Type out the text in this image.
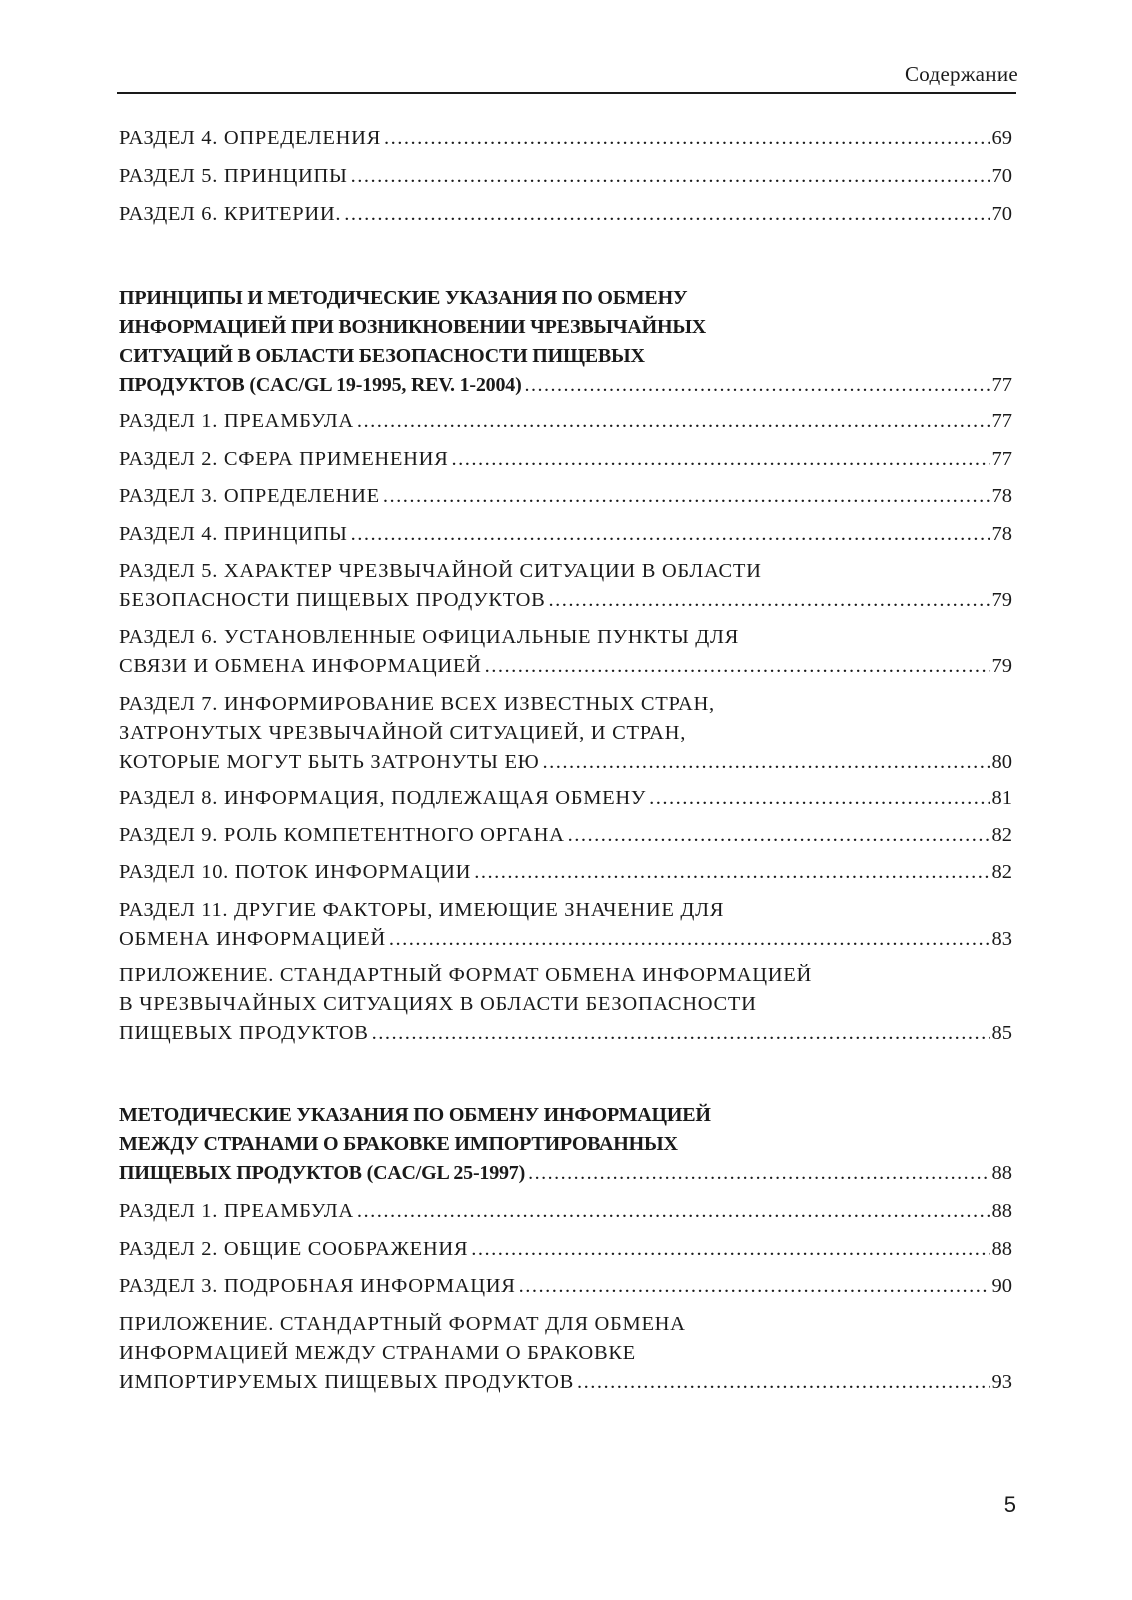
Содержание
РАЗДЕЛ 4. ОПРЕДЕЛЕНИЯ .....	69
РАЗДЕЛ 5. ПРИНЦИПЫ .....	70
РАЗДЕЛ 6. КРИТЕРИИ. .....	70
ПРИНЦИПЫ И МЕТОДИЧЕСКИЕ УКАЗАНИЯ ПО ОБМЕНУ
ИНФОРМАЦИЕЙ ПРИ ВОЗНИКНОВЕНИИ ЧРЕЗВЫЧАЙНЫХ
СИТУАЦИЙ В ОБЛАСТИ БЕЗОПАСНОСТИ ПИЩЕВЫХ
ПРОДУКТОВ (CAC/GL 19-1995, REV. 1-2004) .....	77
РАЗДЕЛ 1. ПРЕАМБУЛА .....	77
РАЗДЕЛ 2. СФЕРА ПРИМЕНЕНИЯ .....	77
РАЗДЕЛ 3. ОПРЕДЕЛЕНИЕ .....	78
РАЗДЕЛ 4. ПРИНЦИПЫ .....	78
РАЗДЕЛ 5. ХАРАКТЕР ЧРЕЗВЫЧАЙНОЙ СИТУАЦИИ В ОБЛАСТИ
БЕЗОПАСНОСТИ ПИЩЕВЫХ ПРОДУКТОВ .....	79
РАЗДЕЛ 6. УСТАНОВЛЕННЫЕ ОФИЦИАЛЬНЫЕ ПУНКТЫ ДЛЯ
СВЯЗИ И ОБМЕНА ИНФОРМАЦИЕЙ .....	79
РАЗДЕЛ 7. ИНФОРМИРОВАНИЕ ВСЕХ ИЗВЕСТНЫХ СТРАН,
ЗАТРОНУТЫХ ЧРЕЗВЫЧАЙНОЙ СИТУАЦИЕЙ, И СТРАН,
КОТОРЫЕ МОГУТ БЫТЬ ЗАТРОНУТЫ ЕЮ .....	80
РАЗДЕЛ 8. ИНФОРМАЦИЯ, ПОДЛЕЖАЩАЯ ОБМЕНУ .....	81
РАЗДЕЛ 9. РОЛЬ КОМПЕТЕНТНОГО ОРГАНА .....	82
РАЗДЕЛ 10. ПОТОК ИНФОРМАЦИИ .....	82
РАЗДЕЛ 11. ДРУГИЕ ФАКТОРЫ, ИМЕЮЩИЕ ЗНАЧЕНИЕ ДЛЯ
ОБМЕНА ИНФОРМАЦИЕЙ .....	83
ПРИЛОЖЕНИЕ. СТАНДАРТНЫЙ ФОРМАТ ОБМЕНА ИНФОРМАЦИЕЙ
В ЧРЕЗВЫЧАЙНЫХ СИТУАЦИЯХ В ОБЛАСТИ БЕЗОПАСНОСТИ
ПИЩЕВЫХ ПРОДУКТОВ .....	85
МЕТОДИЧЕСКИЕ УКАЗАНИЯ ПО ОБМЕНУ ИНФОРМАЦИЕЙ
МЕЖДУ СТРАНАМИ О БРАКОВКЕ ИМПОРТИРОВАННЫХ
ПИЩЕВЫХ ПРОДУКТОВ (CAC/GL 25-1997) .....	88
РАЗДЕЛ 1. ПРЕАМБУЛА .....	88
РАЗДЕЛ 2. ОБЩИЕ СООБРАЖЕНИЯ .....	88
РАЗДЕЛ 3. ПОДРОБНАЯ ИНФОРМАЦИЯ .....	90
ПРИЛОЖЕНИЕ. СТАНДАРТНЫЙ ФОРМАТ ДЛЯ ОБМЕНА
ИНФОРМАЦИЕЙ МЕЖДУ СТРАНАМИ О БРАКОВКЕ
ИМПОРТИРУЕМЫХ ПИЩЕВЫХ ПРОДУКТОВ .....	93
5
